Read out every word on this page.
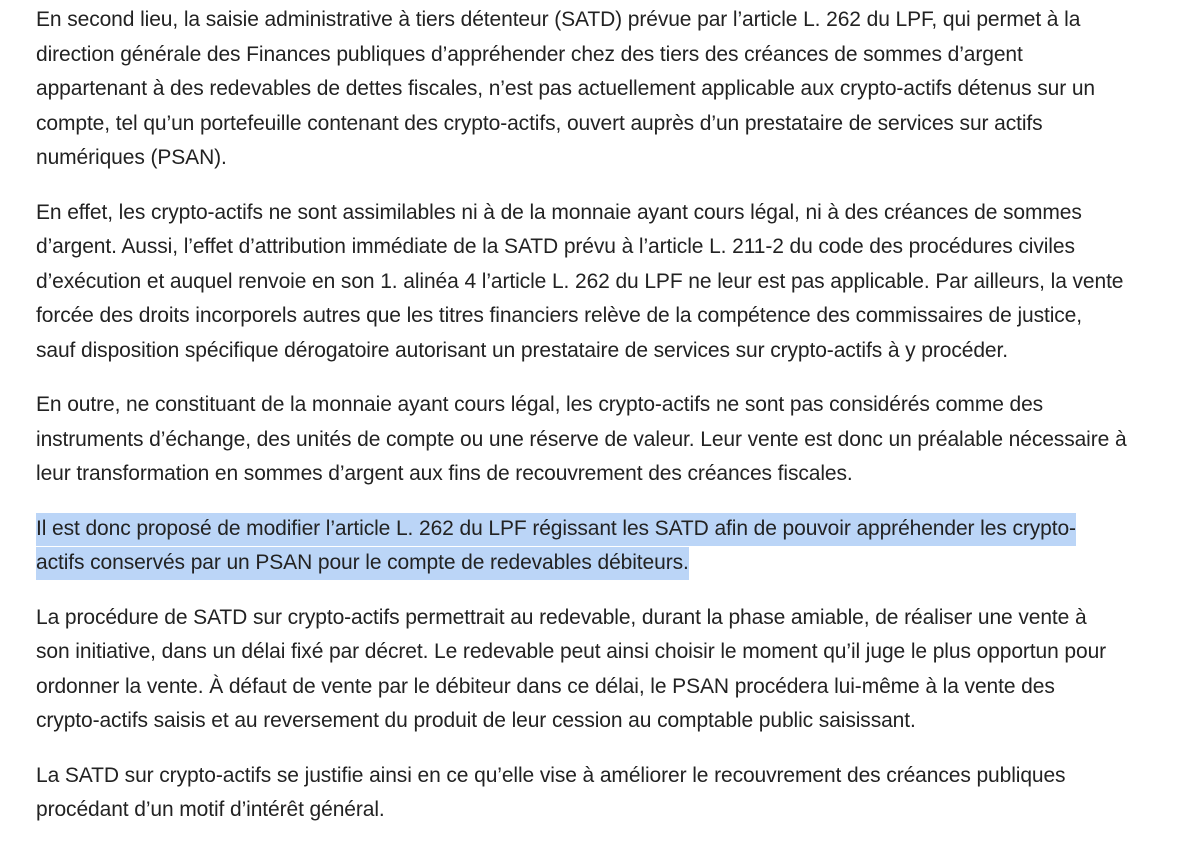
En second lieu, la saisie administrative à tiers détenteur (SATD) prévue par l’article L. 262 du LPF, qui permet à la
direction générale des Finances publiques d’appréhender chez des tiers des créances de sommes d’argent
appartenant à des redevables de dettes fiscales, n’est pas actuellement applicable aux crypto-actifs détenus sur un
compte, tel qu’un portefeuille contenant des crypto-actifs, ouvert auprès d’un prestataire de services sur actifs
numériques (PSAN).

En effet, les crypto-actifs ne sont assimilables ni à de la monnaie ayant cours légal, ni à des créances de sommes
d’argent. Aussi, l’effet d’attribution immédiate de la SATD prévu à l’article L. 211-2 du code des procédures civiles
d’exécution et auquel renvoie en son 1. alinéa 4 l’article L. 262 du LPF ne leur est pas applicable. Par ailleurs, la vente
forcée des droits incorporels autres que les titres financiers relève de la compétence des commissaires de justice,
sauf disposition spécifique dérogatoire autorisant un prestataire de services sur crypto-actifs à y procéder.

En outre, ne constituant de la monnaie ayant cours légal, les crypto-actifs ne sont pas considérés comme des
instruments d’échange, des unités de compte ou une réserve de valeur. Leur vente est donc un préalable nécessaire à
leur transformation en sommes d’argent aux fins de recouvrement des créances fiscales.

Il est donc proposé de modifier l’article L. 262 du LPF régissant les SATD afin de pouvoir appréhender les crypto-
actifs conservés par un PSAN pour le compte de redevables débiteurs.

La procédure de SATD sur crypto-actifs permettrait au redevable, durant la phase amiable, de réaliser une vente à
son initiative, dans un délai fixé par décret. Le redevable peut ainsi choisir le moment qu’il juge le plus opportun pour
ordonner la vente. À défaut de vente par le débiteur dans ce délai, le PSAN procédera lui-même à la vente des
crypto-actifs saisis et au reversement du produit de leur cession au comptable public saisissant.

La SATD sur crypto-actifs se justifie ainsi en ce qu’elle vise à améliorer le recouvrement des créances publiques
procédant d’un motif d’intérêt général.
